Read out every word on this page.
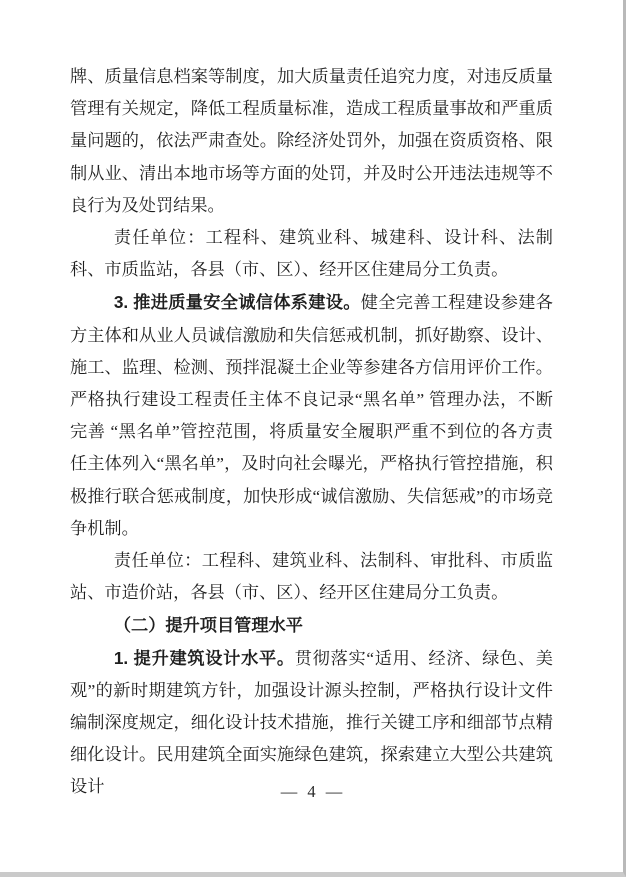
牌、质量信息档案等制度，加大质量责任追究力度，对违反质量管理有关规定，降低工程质量标准，造成工程质量事故和严重质量问题的，依法严肃查处。除经济处罚外，加强在资质资格、限制从业、清出本地市场等方面的处罚，并及时公开违法违规等不良行为及处罚结果。

责任单位：工程科、建筑业科、城建科、设计科、法制科、市质监站，各县（市、区）、经开区住建局分工负责。

3. 推进质量安全诚信体系建设。健全完善工程建设参建各方主体和从业人员诚信激励和失信惩戒机制，抓好勘察、设计、施工、监理、检测、预拌混凝土企业等参建各方信用评价工作。严格执行建设工程责任主体不良记录“黑名单” 管理办法，不断完善 “黑名单”管控范围，将质量安全履职严重不到位的各方责任主体列入“黑名单”，及时向社会曝光，严格执行管控措施，积极推行联合惩戒制度，加快形成“诚信激励、失信惩戒”的市场竞争机制。

责任单位：工程科、建筑业科、法制科、审批科、市质监站、市造价站，各县（市、区）、经开区住建局分工负责。

（二）提升项目管理水平

1. 提升建筑设计水平。贯彻落实“适用、经济、绿色、美观”的新时期建筑方针，加强设计源头控制，严格执行设计文件编制深度规定，细化设计技术措施，推行关键工序和细部节点精细化设计。民用建筑全面实施绿色建筑，探索建立大型公共建筑设计	— 4 —
